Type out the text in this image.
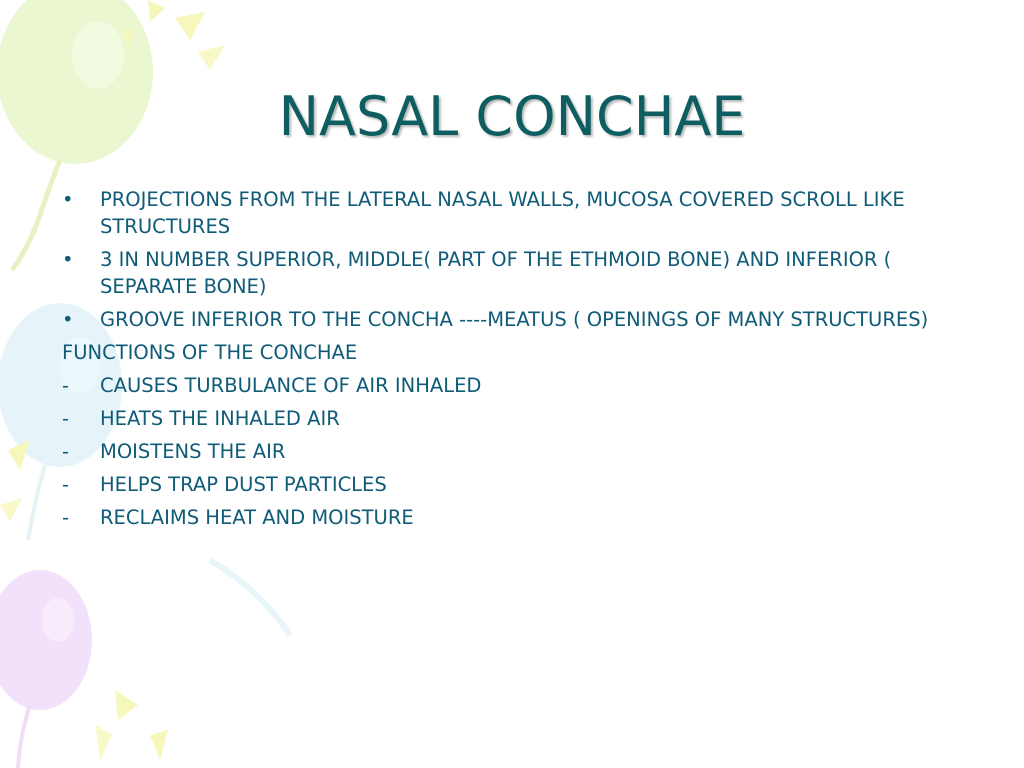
NASAL CONCHAE
•	PROJECTIONS FROM THE LATERAL NASAL WALLS, MUCOSA COVERED SCROLL LIKE STRUCTURES
•	3 IN NUMBER SUPERIOR, MIDDLE( PART OF THE ETHMOID BONE) AND INFERIOR ( SEPARATE BONE)
•	GROOVE INFERIOR TO THE CONCHA ----MEATUS ( OPENINGS OF MANY STRUCTURES)
FUNCTIONS OF THE CONCHAE
-	CAUSES TURBULANCE OF AIR INHALED
-	HEATS THE INHALED AIR
-	MOISTENS THE AIR
-	HELPS TRAP DUST PARTICLES
-	RECLAIMS HEAT AND MOISTURE
